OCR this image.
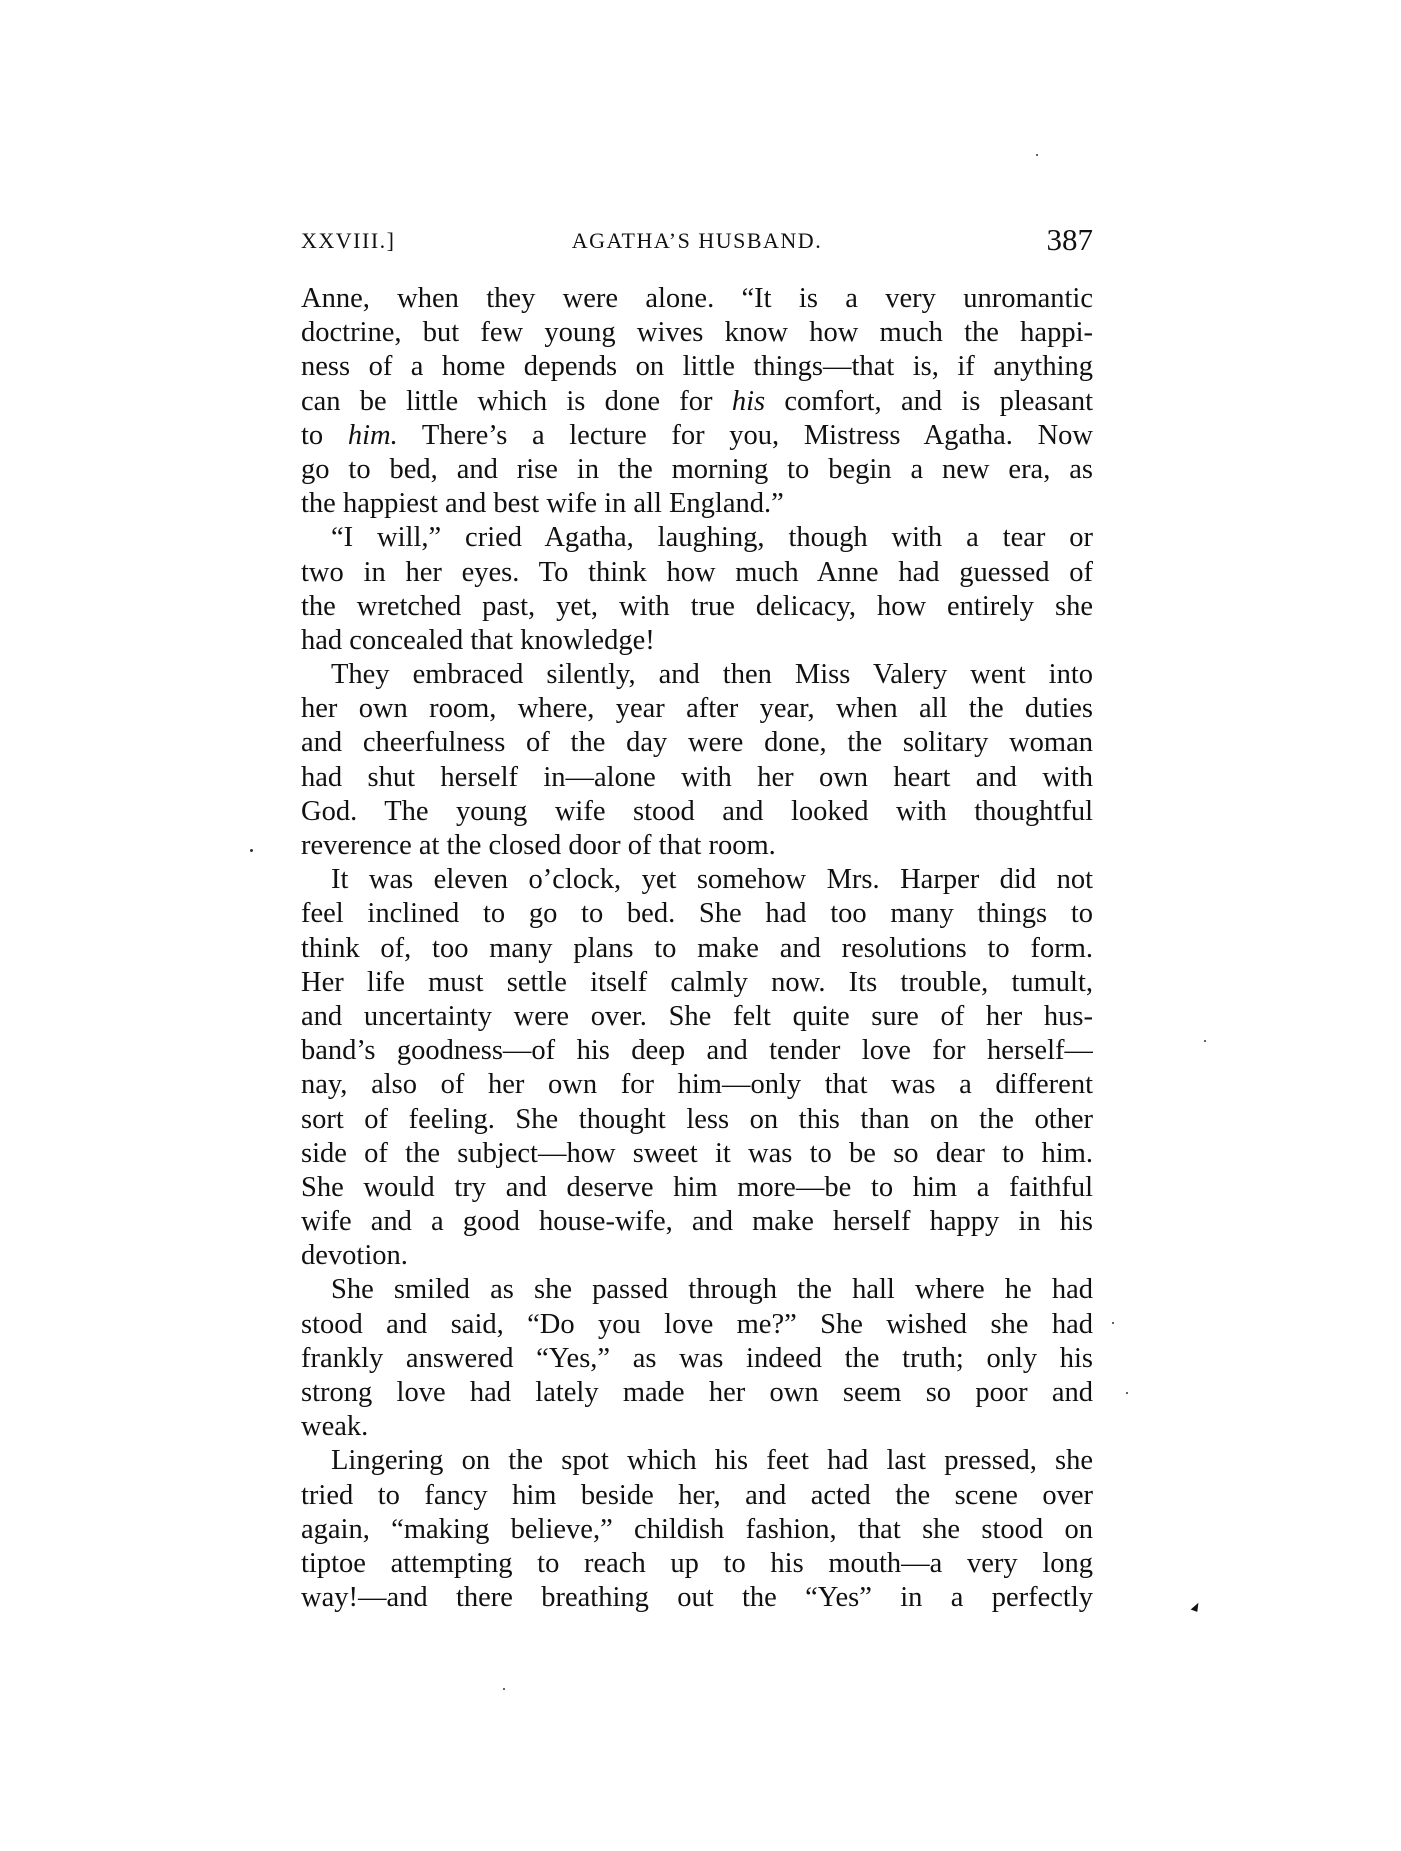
XXVIII.]	AGATHA’S HUSBAND.	387
Anne, when they were alone. “It is a very unromantic
doctrine, but few young wives know how much the happi-
ness of a home depends on little things—that is, if anything
can be little which is done for his comfort, and is pleasant
to him. There’s a lecture for you, Mistress Agatha. Now
go to bed, and rise in the morning to begin a new era, as
the happiest and best wife in all England.”
“I will,” cried Agatha, laughing, though with a tear or
two in her eyes. To think how much Anne had guessed of
the wretched past, yet, with true delicacy, how entirely she
had concealed that knowledge!
They embraced silently, and then Miss Valery went into
her own room, where, year after year, when all the duties
and cheerfulness of the day were done, the solitary woman
had shut herself in—alone with her own heart and with
God. The young wife stood and looked with thoughtful
reverence at the closed door of that room.
It was eleven o’clock, yet somehow Mrs. Harper did not
feel inclined to go to bed. She had too many things to
think of, too many plans to make and resolutions to form.
Her life must settle itself calmly now. Its trouble, tumult,
and uncertainty were over. She felt quite sure of her hus-
band’s goodness—of his deep and tender love for herself—
nay, also of her own for him—only that was a different
sort of feeling. She thought less on this than on the other
side of the subject—how sweet it was to be so dear to him.
She would try and deserve him more—be to him a faithful
wife and a good house-wife, and make herself happy in his
devotion.
She smiled as she passed through the hall where he had
stood and said, “Do you love me?” She wished she had
frankly answered “Yes,” as was indeed the truth; only his
strong love had lately made her own seem so poor and
weak.
Lingering on the spot which his feet had last pressed, she
tried to fancy him beside her, and acted the scene over
again, “making believe,” childish fashion, that she stood on
tiptoe attempting to reach up to his mouth—a very long
way!—and there breathing out the “Yes” in a perfectly
